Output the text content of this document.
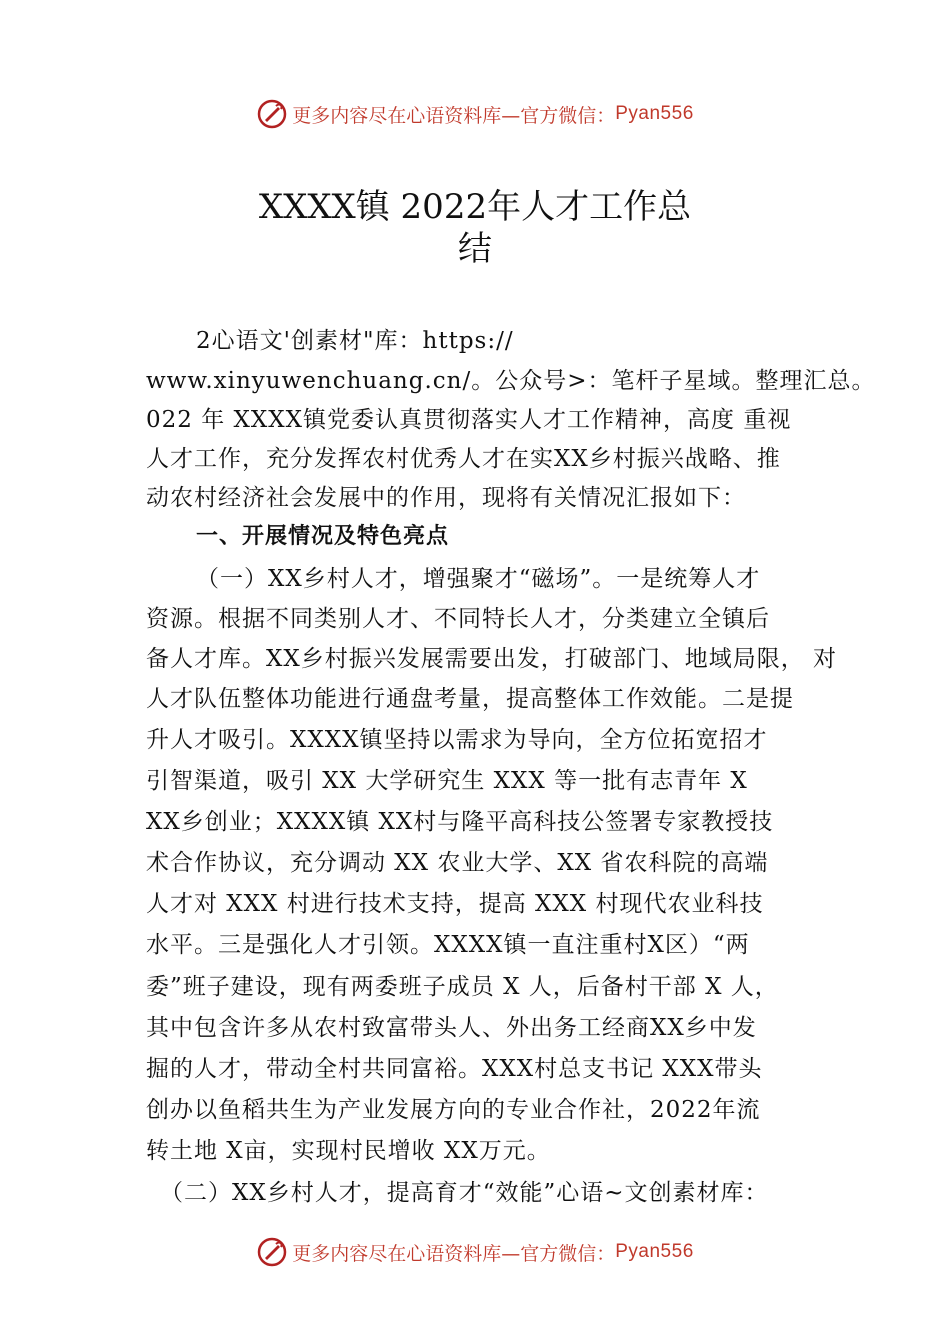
更多内容尽在心语资料库—官方微信： Pyan556
XXXX镇 2022年人才工作总
结
2心语文'创素材"库：https://
www.xinyuwenchuang.cn/。公众号>：笔杆子星域。整理汇总。
022 年 XXXX镇党委认真贯彻落实人才工作精神，高度 重视
人才工作，充分发挥农村优秀人才在实XX乡村振兴战略、推
动农村经济社会发展中的作用，现将有关情况汇报如下：
一、开展情况及特色亮点
（一）XX乡村人才，增强聚才“磁场”。一是统筹人才
资源。根据不同类别人才、不同特长人才，分类建立全镇后
备人才库。XX乡村振兴发展需要出发，打破部门、地域局限， 对
人才队伍整体功能进行通盘考量，提高整体工作效能。二是提
升人才吸引。XXXX镇坚持以需求为导向，全方位拓宽招才
引智渠道，吸引 XX 大学研究生 XXX 等一批有志青年 X
XX乡创业；XXXX镇 XX村与隆平高科技公签署专家教授技
术合作协议，充分调动 XX 农业大学、XX 省农科院的高端
人才对 XXX 村进行技术支持，提高 XXX 村现代农业科技
水平。三是强化人才引领。XXXX镇一直注重村X区）“两
委”班子建设，现有两委班子成员 X 人，后备村干部 X 人，
其中包含许多从农村致富带头人、外出务工经商XX乡中发
掘的人才，带动全村共同富裕。XXX村总支书记 XXX带头
创办以鱼稻共生为产业发展方向的专业合作社，2022年流
转土地 X亩，实现村民增收 XX万元。
（二）XX乡村人才，提高育才“效能”心语~文创素材库：
更多内容尽在心语资料库—官方微信： Pyan556
